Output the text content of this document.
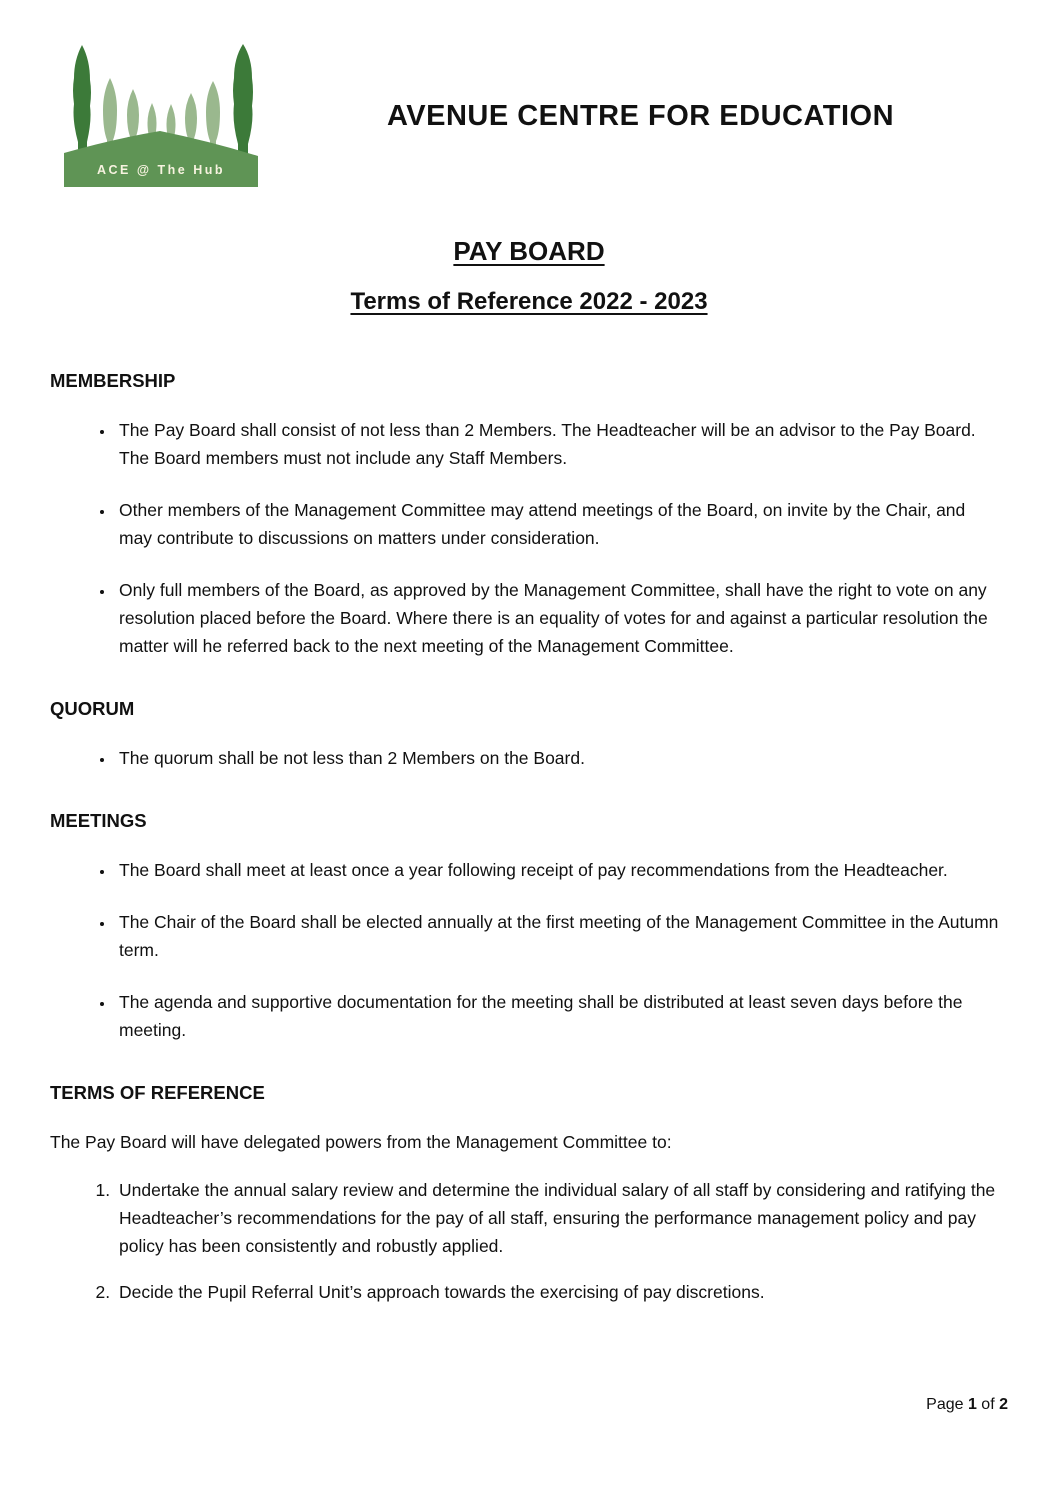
ACE @ The Hub
AVENUE CENTRE FOR EDUCATION
PAY BOARD
Terms of Reference 2022 - 2023
MEMBERSHIP
• The Pay Board shall consist of not less than 2 Members. The Headteacher will be an advisor to the Pay Board.  The Board members must not include any Staff Members.
• Other members of the Management Committee may attend meetings of the Board, on invite by the Chair, and may contribute to discussions on matters under consideration.
• Only full members of the Board, as approved by the Management Committee, shall have the right to vote on any resolution placed before the Board. Where there is an equality of votes for and against a particular resolution the matter will he referred back to the next meeting of the Management Committee.
QUORUM
• The quorum shall be not less than 2 Members on the Board.
MEETINGS
• The Board shall meet at least once a year following receipt of pay recommendations from the Headteacher.
• The Chair of the Board shall be elected annually at the first meeting of the Management Committee in the Autumn term.
• The agenda and supportive documentation for the meeting shall be distributed at least seven days before the meeting.
TERMS OF REFERENCE

The Pay Board will have delegated powers from the Management Committee to:

1. Undertake the annual salary review and determine the individual salary of all staff by considering and ratifying the Headteacher’s recommendations for the pay of all staff, ensuring the performance management policy and pay policy has been consistently and robustly applied.
2. Decide the Pupil Referral Unit’s approach towards the exercising of pay discretions.
Page 1 of 2
